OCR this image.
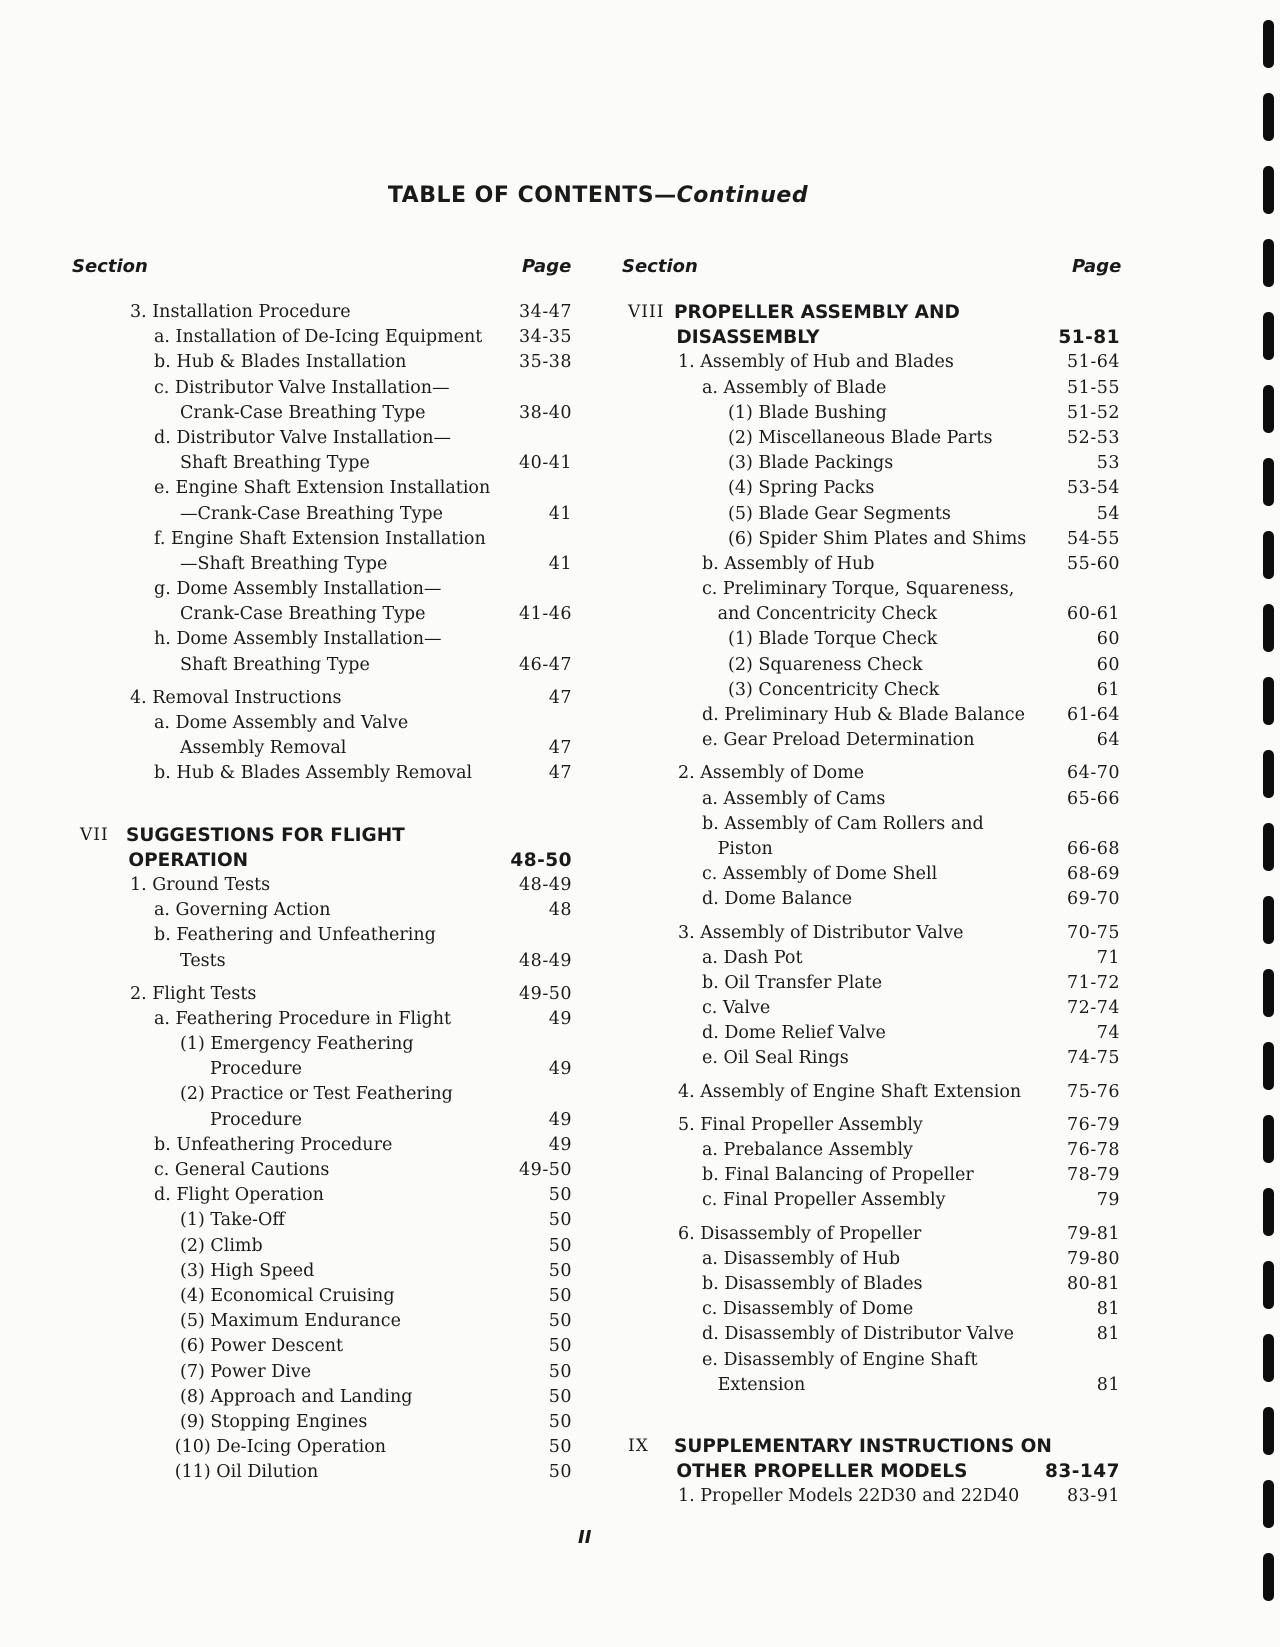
TABLE OF CONTENTS—Continued
Section	Page	Section	Page
3. Installation Procedure	34-47
a. Installation of De-Icing Equipment 34-35
b. Hub & Blades Installation	35-38
c. Distributor Valve Installation—
Crank-Case Breathing Type	38-40
d. Distributor Valve Installation—
Shaft Breathing Type	40-41
e. Engine Shaft Extension Installation
—Crank-Case Breathing Type	41
f. Engine Shaft Extension Installation
—Shaft Breathing Type	41
g. Dome Assembly Installation—
Crank-Case Breathing Type	41-46
h. Dome Assembly Installation—
Shaft Breathing Type	46-47
4. Removal Instructions	47
a. Dome Assembly and Valve
Assembly Removal	47
b. Hub & Blades Assembly Removal	47
VII SUGGESTIONS FOR FLIGHT
OPERATION	48-50
1. Ground Tests	48-49
a. Governing Action	48
b. Feathering and Unfeathering
Tests	48-49
2. Flight Tests	49-50
a. Feathering Procedure in Flight	49
(1) Emergency Feathering
Procedure	49
(2) Practice or Test Feathering
Procedure	49
b. Unfeathering Procedure	49
c. General Cautions	49-50
d. Flight Operation	50
(1) Take-Off	50
(2) Climb	50
(3) High Speed	50
(4) Economical Cruising	50
(5) Maximum Endurance	50
(6) Power Descent	50
(7) Power Dive	50
(8) Approach and Landing	50
(9) Stopping Engines	50
(10) De-Icing Operation	50
(11) Oil Dilution	50
VIII PROPELLER ASSEMBLY AND
DISASSEMBLY	51-81
1. Assembly of Hub and Blades	51-64
a. Assembly of Blade	51-55
(1) Blade Bushing	51-52
(2) Miscellaneous Blade Parts	52-53
(3) Blade Packings	53
(4) Spring Packs	53-54
(5) Blade Gear Segments	54
(6) Spider Shim Plates and Shims 54-55
b. Assembly of Hub	55-60
c. Preliminary Torque, Squareness,
and Concentricity Check	60-61
(1) Blade Torque Check	60
(2) Squareness Check	60
(3) Concentricity Check	61
d. Preliminary Hub & Blade Balance 61-64
e. Gear Preload Determination	64
2. Assembly of Dome	64-70
a. Assembly of Cams	65-66
b. Assembly of Cam Rollers and
Piston	66-68
c. Assembly of Dome Shell	68-69
d. Dome Balance	69-70
3. Assembly of Distributor Valve	70-75
a. Dash Pot	71
b. Oil Transfer Plate	71-72
c. Valve	72-74
d. Dome Relief Valve	74
e. Oil Seal Rings	74-75
4. Assembly of Engine Shaft Extension	75-76
5. Final Propeller Assembly	76-79
a. Prebalance Assembly	76-78
b. Final Balancing of Propeller	78-79
c. Final Propeller Assembly	79
6. Disassembly of Propeller	79-81
a. Disassembly of Hub	79-80
b. Disassembly of Blades	80-81
c. Disassembly of Dome	81
d. Disassembly of Distributor Valve	81
e. Disassembly of Engine Shaft
Extension	81
IX SUPPLEMENTARY INSTRUCTIONS ON
OTHER PROPELLER MODELS	83-147
1. Propeller Models 22D30 and 22D40	83-91
II
